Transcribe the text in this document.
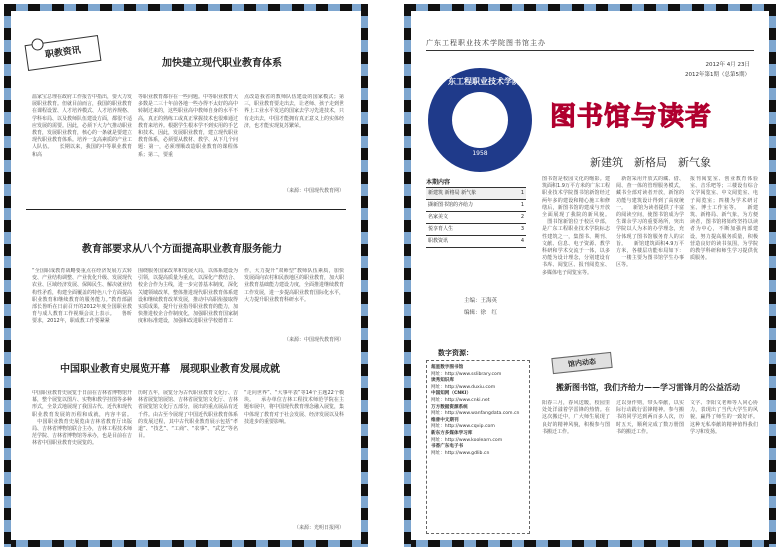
职教资讯
加快建立现代职业教育体系
温家宝总理在政府工作报告中指出，要大力发展职业教育。但就目前而言，我国的职业教育在课程设置、人才培养模式、人才培养规格、学科布局、以及教师队伍建设方面，都很不适应发展的需要。因此，必须下大力气推动职业教育，发展职业教育，核心的一条就是要建立现代职业教育体系。培养一支高素质的产业工人队伍。 　长期以来，我国的中等职业教育和高
等职业教育都存在一些问题。中等职业教育大多数是二三十年前各地一些办得不太好的高中转制过来的，这些职业高中教师自身的水平不高，真正的熟练工或真正掌握技术也很难通过教育来培养。根据学生根本学不到实用的手艺和技术，因此，发展职业教育，建立现代职业教育体系，必须要从教材、教学、从下几个问题：第一，必须理顺改造职业教育的课程体系；第二，要重
点改造我省的教师队伍建设的国家模式；第三，职业教育要走出去，让老师、孩子走到世界上工业水平发达的国家去学习先进技术，只有走出去，中国才能拥有真正意义上的实体经济，也才能实现复苏繁荣。
（来源：中国现代教育网）
教育部要求从八个方面提高职业教育服务能力
“全国职成教育战略要重点在经济发展方式转变、产业结构调整、产业优化升级、发展现代农业、区域经济发展、保障民生、解决就业结构性矛盾，构建全面覆盖的特色八个方面提高职业教育和继续教育的服务能力。”教育部副部长鲁昕在日前召开的2012年度全国职业教育与成人教育工作视频会议上表示。 　鲁昕要求，2012年，职成教工作要紧紧
围绕服务国家改革和发展大局，以体系建设为引领，以提高质量为重点，以深化产教结合、校企合作为主线，进一步完善基本制度，深化关键领域改革，整体推进现代职业教育体系建设和继续教育改革发展，推动中高职衔接取得实质成果，提升行业指导职业教育的能力，加快推进校企合作制度化，加强职业教育国家制度和标准建设，加强和改进职业学校德育工
作，大力提升“双师型”教师队伍素质，加快发展面向农村和民族地区的职业教育，加大职业教育基础能力建设力度，全面推进继续教育工作发展，进一步提高职业教育国际化水平，大力提升职业教育科研水平。
（来源：中国现代教育网）
中国职业教育史展览开幕　展现职业教育发展成就
中国职业教育史展览于日前在吉林省博物馆开幕，整个展览以图片、实物和教学挂图等多种形式，全景式地展现了我国古代、近代和现代职业教育发展的历程和成就，内容丰富。 　中国职业教育史展览由吉林省教育厅出版局、吉林省博物馆联合主办，吉林工程技术师范学院、吉林省博物馆等承办，也是目前在吉林省中国职业教育史展览的。
历时五年，展览分为古代职业教育文化厅、吉林省展览馆展馆、吉林省展览馆文化厅、吉林省展览馆文化厅五部分，展出的重点展品有近千件。由古至今展现了中国近代职业教育体系的发展过程，其中古代职业教育展示包括“孝道”、“技艺”、“工商”、“农事”、“武艺”等名目。
“走向世界”、“大事年表”等14个主题22个模块。 　承办单位吉林工程技术师范学院在主题布展中，将中国现代教育理念融入展览，集中体现了教育对于社会发展、经济发展以及科技进步的重要影响。
（来源：光明日报网）
广东工程职业技术学院图书馆主办
2012年 4月 23日
2012年第1期（总第5期）
广东工程职业技术学院
1958
图书馆与读者
新建筑　新格局　新气象
本期内容
新建筑 新格局 新气象	1
撷新图书馆的齐给力	1
名家美文	2
悦享育人生	3
职教资讯	4
主编：王海英
编辑：徐　红
图书馆是校园文化的缩影。建筑面积1.9万平方米的广东工程职业技术学院图书馆新馆经过两年多的建设和精心施工和修缮后，新图书馆的建成与开放全面展现了我院的新风貌。 　图书馆新馆位于校区中部，是广东工程职业技术学院标志性建筑之一，集图书、期刊、文献、信息、电子资源、教学科研和学术交流于一体，以多功能为设计理念，分别建设有书库、阅览区、报刊阅览室、多媒体电子阅览室等。
　新馆采用开放式的藏、借、阅、查一体的管理服务模式，藏书全部对读者开放，新馆的功能与建筑设计得到了高度统一。 　新馆为读者提供了丰富的阅读空间，使图书馆成为学生课余学习的重要场所，突出学院以人为本的办学理念，充分体现了图书馆服务育人的宗旨。 　新馆建筑面积4.9万平方米，各楼层功能布局如下： 　一楼主要为图书馆学生办事区等。
报刊阅览室、创业教育体验室、音乐吧等；三楼设有综合文学阅览室、中文阅览室、电子阅览室；四楼为学术研讨室、博士工作室等。 　新建筑、新格局、新气象，为方便读者，图书馆将始终坚持以读者为中心，不断加强内部建设，努力提高服务质量，积极营造良好的读书氛围，为学院的教学科研和师生学习提供优质服务。
数字资源：
超星数字图书馆
网址：http://www.sslibrary.com
读秀知识库
网址：http://www.duxiu.com
中国知网（CNKI）
网址：http://www.cnki.net
万方数据资源系统
网址：http://www.wanfangdata.com.cn
维普中文期刊
网址：http://www.cqvip.com
新东方多媒体学习库
网址：http://www.koolearn.com
书香广东电子书
网址：http://www.gdlib.cn
馆内动态
搬新图书馆，我们齐给力——学习雷锋月的公益活动
阳春三月，春风送暖，校园里处处洋溢着学雷锋的热情。在这次搬迁中，广大师生展现了良好的精神风貌，积极参与图书搬迁工作。
过以身作则，带头奉献，以实际行动践行雷锋精神。参与搬书的同学达到两百多人次，历时五天，顺利完成了数万册图书的搬迁工作。
文字、李阳文老师等人同心协力，表现出了当代大学生的风貌，赢得了师生的一致好评。这种无私奉献的精神值得我们学习和发扬。
